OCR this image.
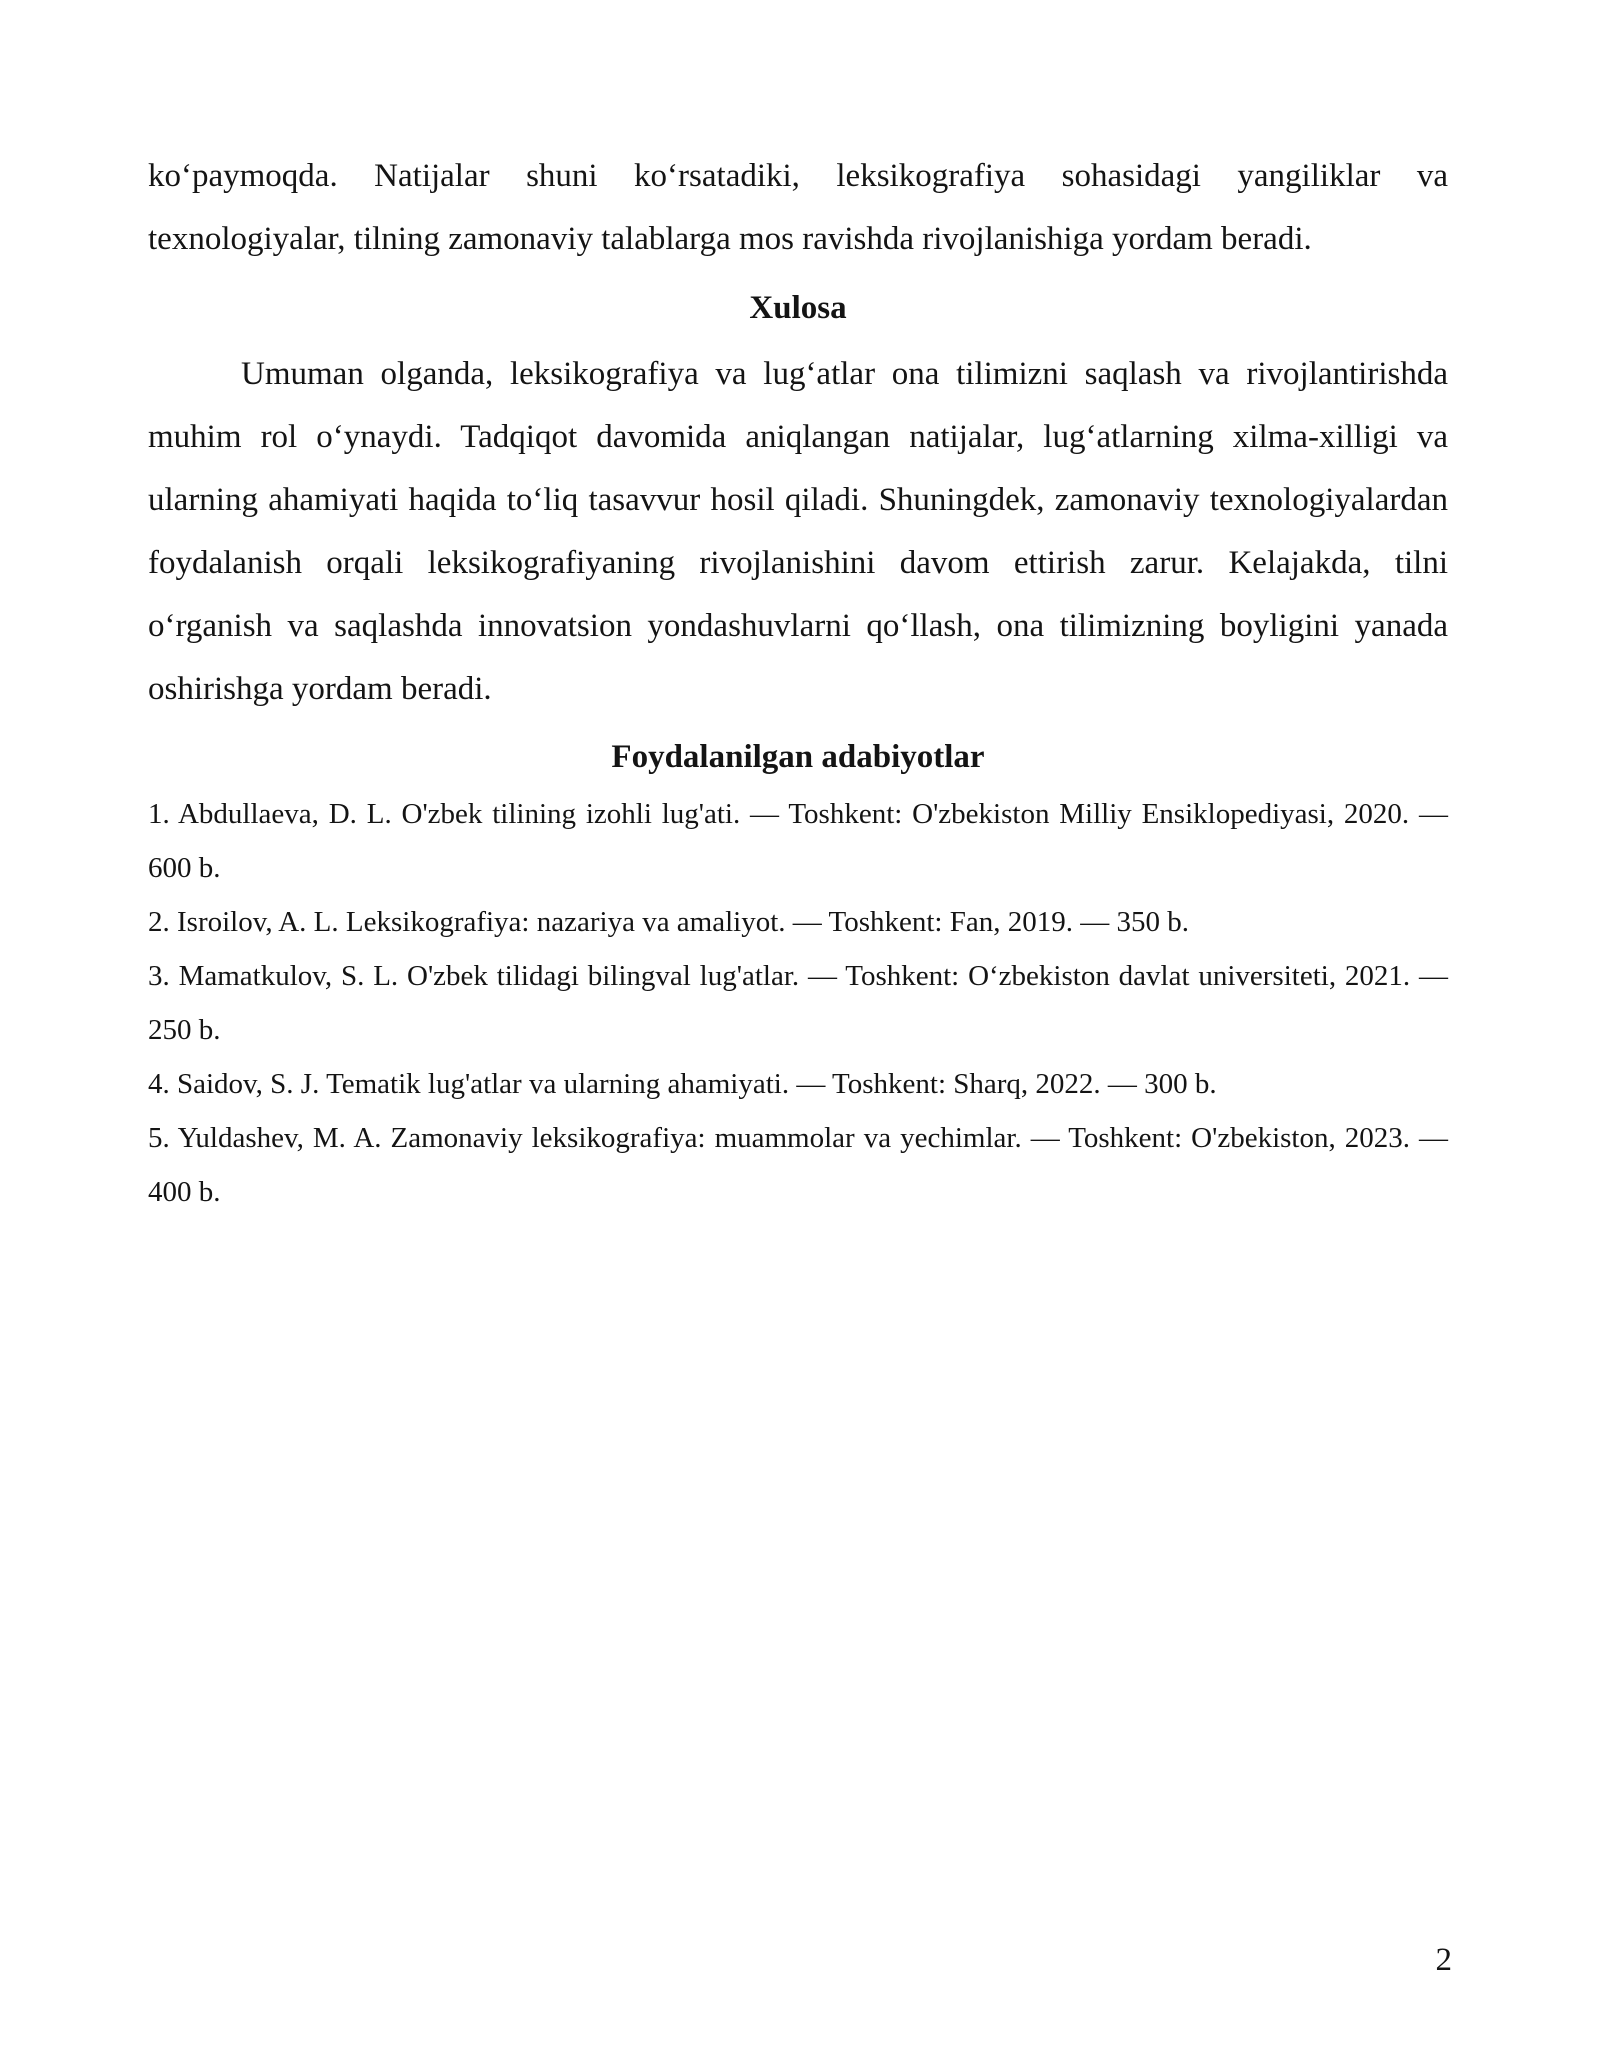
ko‘paymoqda. Natijalar shuni ko‘rsatadiki, leksikografiya sohasidagi yangiliklar va texnologiyalar, tilning zamonaviy talablarga mos ravishda rivojlanishiga yordam beradi.

Xulosa

Umuman olganda, leksikografiya va lug‘atlar ona tilimizni saqlash va rivojlantirishda muhim rol o‘ynaydi. Tadqiqot davomida aniqlangan natijalar, lug‘atlarning xilma-xilligi va ularning ahamiyati haqida to‘liq tasavvur hosil qiladi. Shuningdek, zamonaviy texnologiyalardan foydalanish orqali leksikografiyaning rivojlanishini davom ettirish zarur. Kelajakda, tilni o‘rganish va saqlashda innovatsion yondashuvlarni qo‘llash, ona tilimizning boyligini yanada oshirishga yordam beradi.

Foydalanilgan adabiyotlar
1. Abdullaeva, D. L. O'zbek tilining izohli lug'ati. — Toshkent: O'zbekiston Milliy Ensiklopediyasi, 2020. — 600 b.
2. Isroilov, A. L. Leksikografiya: nazariya va amaliyot. — Toshkent: Fan, 2019. — 350 b.
3. Mamatkulov, S. L. O'zbek tilidagi bilingval lug'atlar. — Toshkent: O‘zbekiston davlat universiteti, 2021. — 250 b.
4. Saidov, S. J. Tematik lug'atlar va ularning ahamiyati. — Toshkent: Sharq, 2022. — 300 b.
5. Yuldashev, M. A. Zamonaviy leksikografiya: muammolar va yechimlar. — Toshkent: O'zbekiston, 2023. — 400 b.
2
